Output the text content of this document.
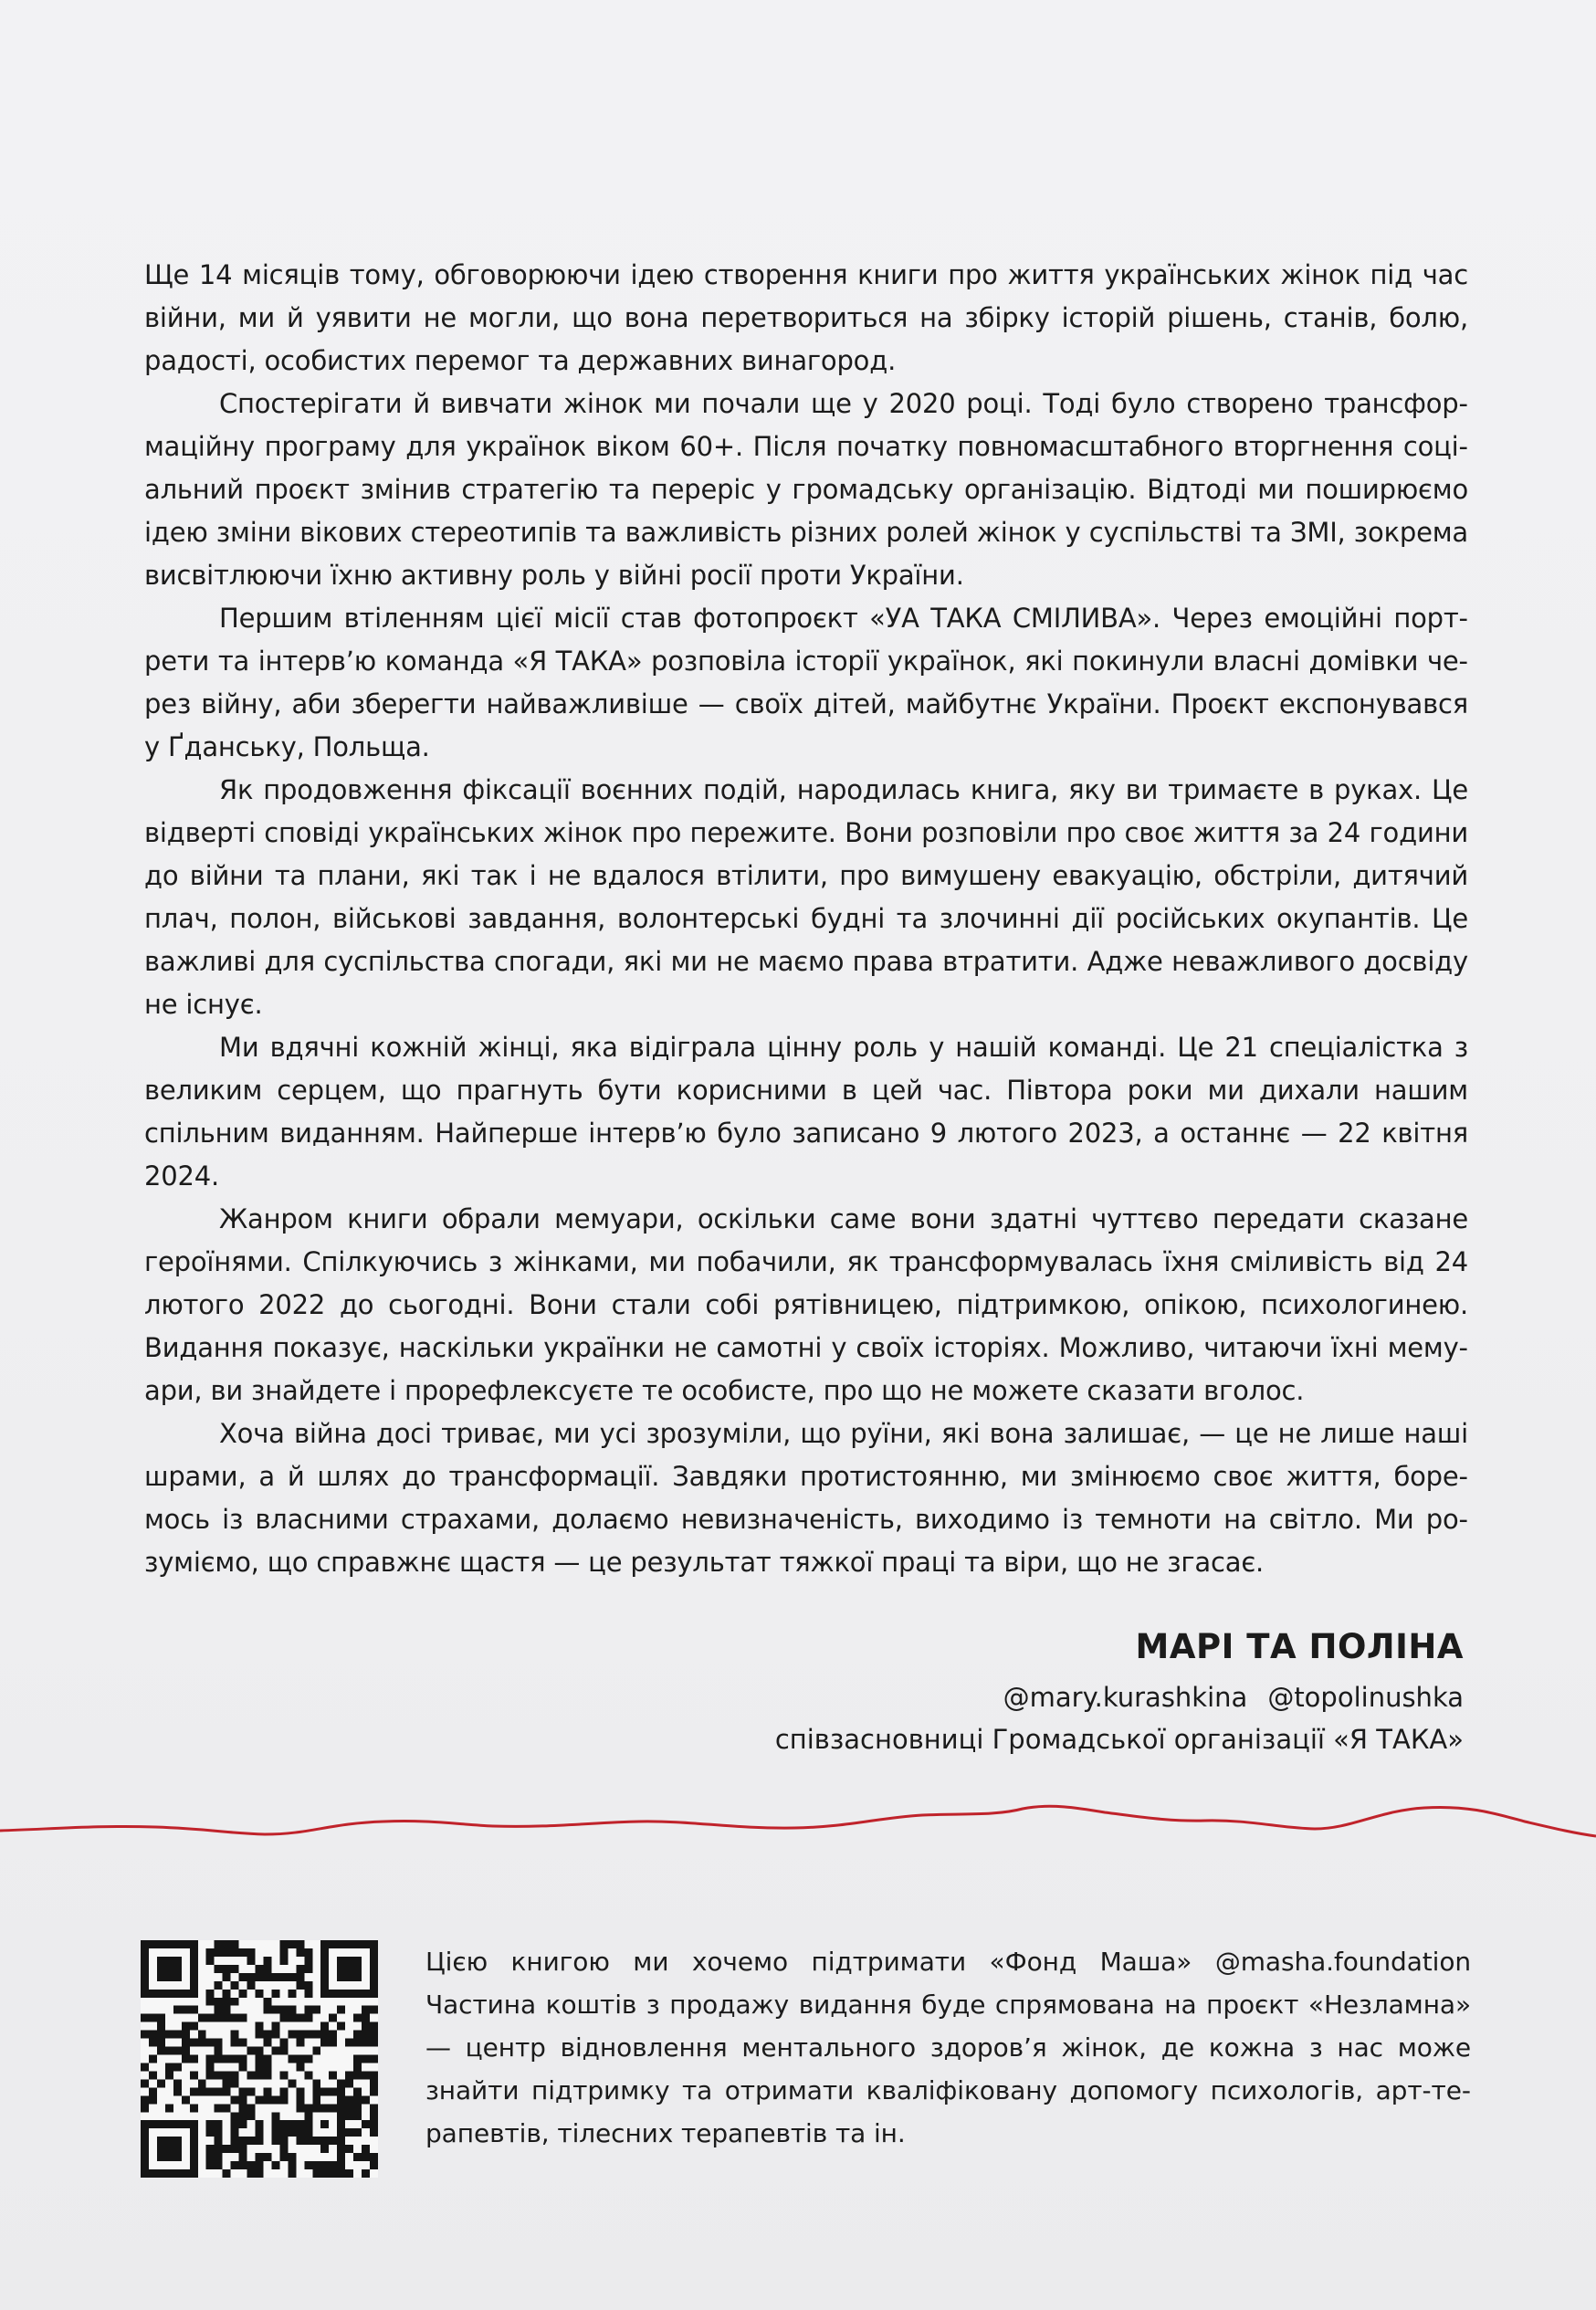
Ще 14 місяців тому, обговорюючи ідею створення книги про життя українських жінок під час війни, ми й уявити не могли, що вона перетвориться на збірку історій рішень, станів, болю, радості, особистих перемог та державних винагород.

Спостерігати й вивчати жінок ми почали ще у 2020 році. Тоді було створено трансформаційну програму для українок віком 60+. Після початку повномасштабного вторгнення соціальний проєкт змінив стратегію та переріс у громадську організацію. Відтоді ми поширюємо ідею зміни вікових стереотипів та важливість різних ролей жінок у суспільстві та ЗМІ, зокрема висвітлюючи їхню активну роль у війні росії проти України.

Першим втіленням цієї місії став фотопроєкт «УА ТАКА СМІЛИВА». Через емоційні портрети та інтерв’ю команда «Я ТАКА» розповіла історії українок, які покинули власні домівки через війну, аби зберегти найважливіше — своїх дітей, майбутнє України. Проєкт експонувався у Ґданську, Польща.

Як продовження фіксації воєнних подій, народилась книга, яку ви тримаєте в руках. Це відверті сповіді українських жінок про пережите. Вони розповіли про своє життя за 24 години до війни та плани, які так і не вдалося втілити, про вимушену евакуацію, обстріли, дитячий плач, полон, військові завдання, волонтерські будні та злочинні дії російських окупантів. Це важливі для суспільства спогади, які ми не маємо права втратити. Адже неважливого досвіду не існує.

Ми вдячні кожній жінці, яка відіграла цінну роль у нашій команді. Це 21 спеціалістка з великим серцем, що прагнуть бути корисними в цей час. Півтора роки ми дихали нашим спільним виданням. Найперше інтерв’ю було записано 9 лютого 2023, а останнє — 22 квітня 2024.

Жанром книги обрали мемуари, оскільки саме вони здатні чуттєво передати сказане героїнями. Спілкуючись з жінками, ми побачили, як трансформувалась їхня сміливість від 24 лютого 2022 до сьогодні. Вони стали собі рятівницею, підтримкою, опікою, психологинею. Видання показує, наскільки українки не самотні у своїх історіях. Можливо, читаючи їхні мемуари, ви знайдете і прорефлексуєте те особисте, про що не можете сказати вголос.

Хоча війна досі триває, ми усі зрозуміли, що руїни, які вона залишає, — це не лише наші шрами, а й шлях до трансформації. Завдяки протистоянню, ми змінюємо своє життя, боремось із власними страхами, долаємо невизначеність, виходимо із темноти на світло. Ми розуміємо, що справжнє щастя — це результат тяжкої праці та віри, що не згасає.

МАРІ ТА ПОЛІНА
@mary.kurashkina @topolinushka
співзасновниці Громадської організації «Я ТАКА»

Цією книгою ми хочемо підтримати «Фонд Маша» @masha.foundation Частина коштів з продажу видання буде спрямована на проєкт «Незламна» — центр відновлення ментального здоров’я жінок, де кожна з нас може знайти підтримку та отримати кваліфіковану допомогу психологів, арт-терапевтів, тілесних терапевтів та ін.
